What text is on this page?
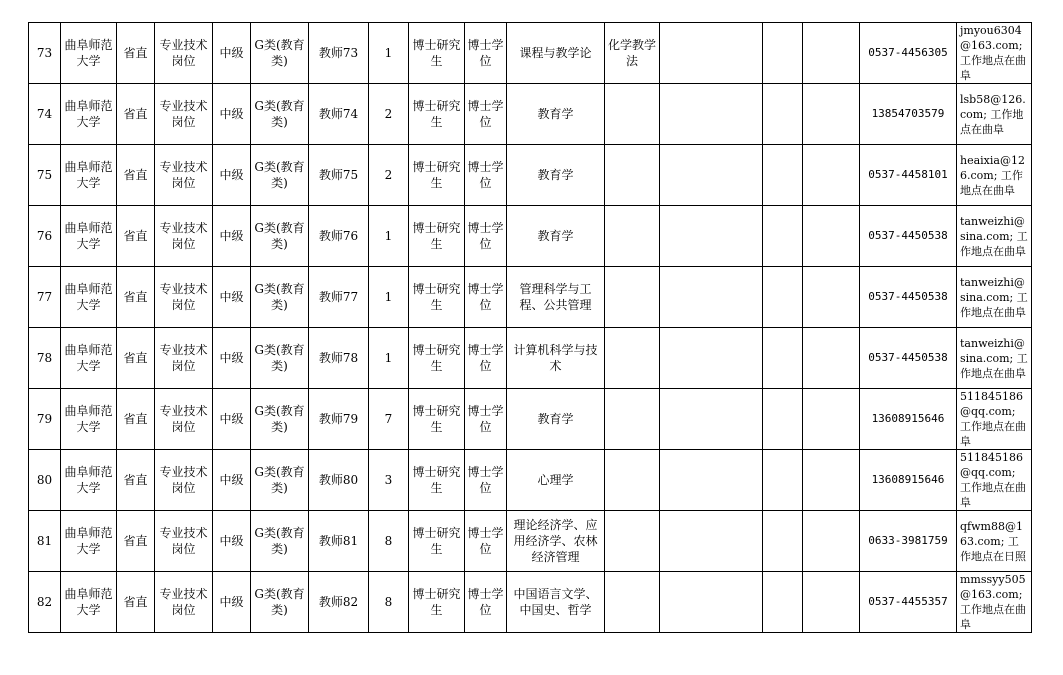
73	曲阜师范大学	省直	专业技术岗位	中级	G类(教育类)	教师73	1	博士研究生	博士学位	课程与教学论	化学教学法				0537-4456305	jmyou6304@163.com; 工作地点在曲阜
74	曲阜师范大学	省直	专业技术岗位	中级	G类(教育类)	教师74	2	博士研究生	博士学位	教育学					13854703579	lsb58@126.com; 工作地点在曲阜
75	曲阜师范大学	省直	专业技术岗位	中级	G类(教育类)	教师75	2	博士研究生	博士学位	教育学					0537-4458101	heaixia@126.com; 工作地点在曲阜
76	曲阜师范大学	省直	专业技术岗位	中级	G类(教育类)	教师76	1	博士研究生	博士学位	教育学					0537-4450538	tanweizhi@sina.com; 工作地点在曲阜
77	曲阜师范大学	省直	专业技术岗位	中级	G类(教育类)	教师77	1	博士研究生	博士学位	管理科学与工程、公共管理					0537-4450538	tanweizhi@sina.com; 工作地点在曲阜
78	曲阜师范大学	省直	专业技术岗位	中级	G类(教育类)	教师78	1	博士研究生	博士学位	计算机科学与技术					0537-4450538	tanweizhi@sina.com; 工作地点在曲阜
79	曲阜师范大学	省直	专业技术岗位	中级	G类(教育类)	教师79	7	博士研究生	博士学位	教育学					13608915646	511845186@qq.com; 工作地点在曲阜
80	曲阜师范大学	省直	专业技术岗位	中级	G类(教育类)	教师80	3	博士研究生	博士学位	心理学					13608915646	511845186@qq.com; 工作地点在曲阜
81	曲阜师范大学	省直	专业技术岗位	中级	G类(教育类)	教师81	8	博士研究生	博士学位	理论经济学、应用经济学、农林经济管理					0633-3981759	qfwm88@163.com; 工作地点在日照
82	曲阜师范大学	省直	专业技术岗位	中级	G类(教育类)	教师82	8	博士研究生	博士学位	中国语言文学、中国史、哲学					0537-4455357	mmssyy505@163.com; 工作地点在曲阜
